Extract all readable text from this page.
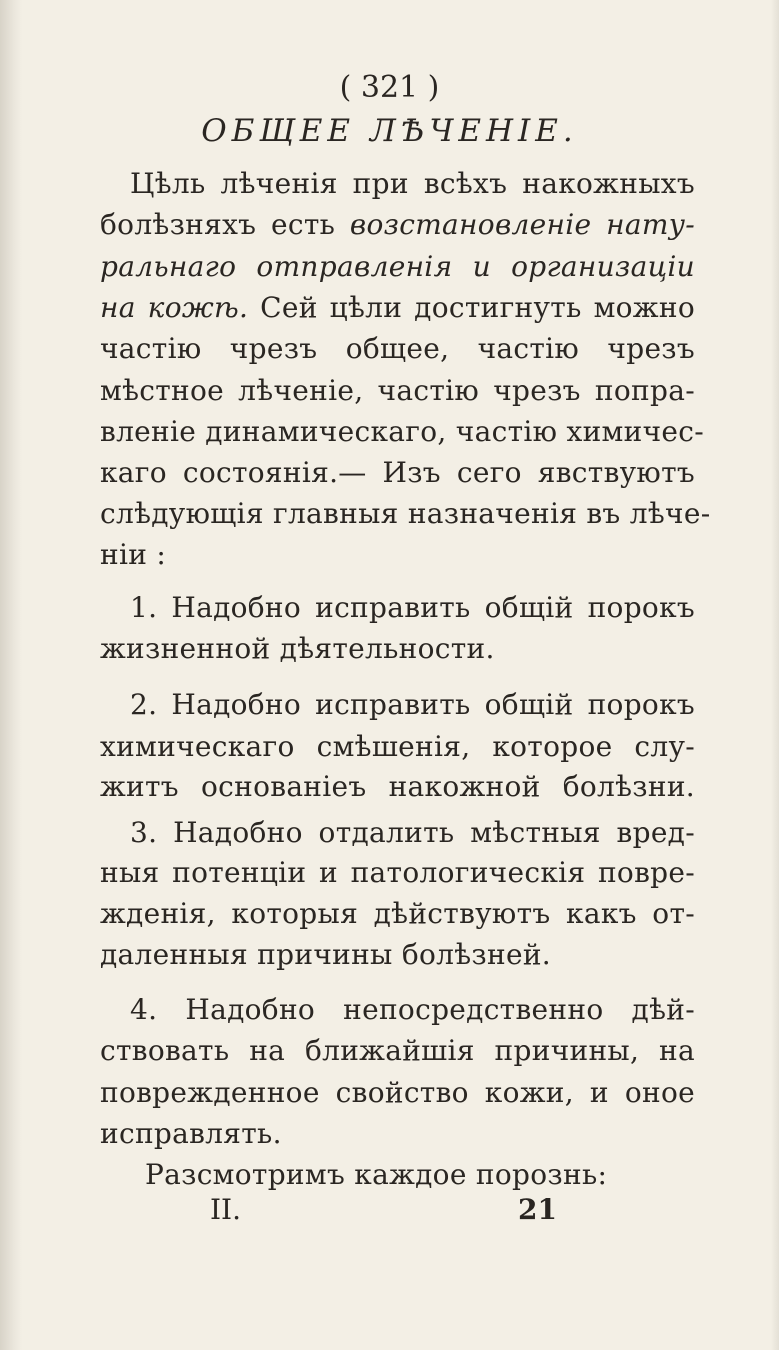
( 321 )
ОБЩЕЕ ЛѢЧЕНІЕ.
Цѣль лѣченія при всѣхъ накожныхъ
болѣзняхъ есть возстановленіе нату-
ральнаго отправленія и организаціи
на кожѣ. Сей цѣли достигнуть можно
частію чрезъ общее, частію чрезъ
мѣстное лѣченіе, частію чрезъ попра-
вленіе динамическаго, частію химичес-
каго состоянія.— Изъ сего явствуютъ
слѣдующія главныя назначенія въ лѣче-
ніи :
1. Надобно исправить общій порокъ
жизненной дѣятельности.
2. Надобно исправить общій порокъ
химическаго смѣшенія, которое слу-
житъ основаніеъ накожной болѣзни.
3. Надобно отдалить мѣстныя вред-
ныя потенціи и патологическія повре-
жденія, которыя дѣйствуютъ какъ от-
даленныя причины болѣзней.
4. Надобно непосредственно дѣй-
ствовать на ближайшія причины, на
поврежденное свойство кожи, и оное
исправлять.
Разсмотримъ каждое порознь:
II.	21
